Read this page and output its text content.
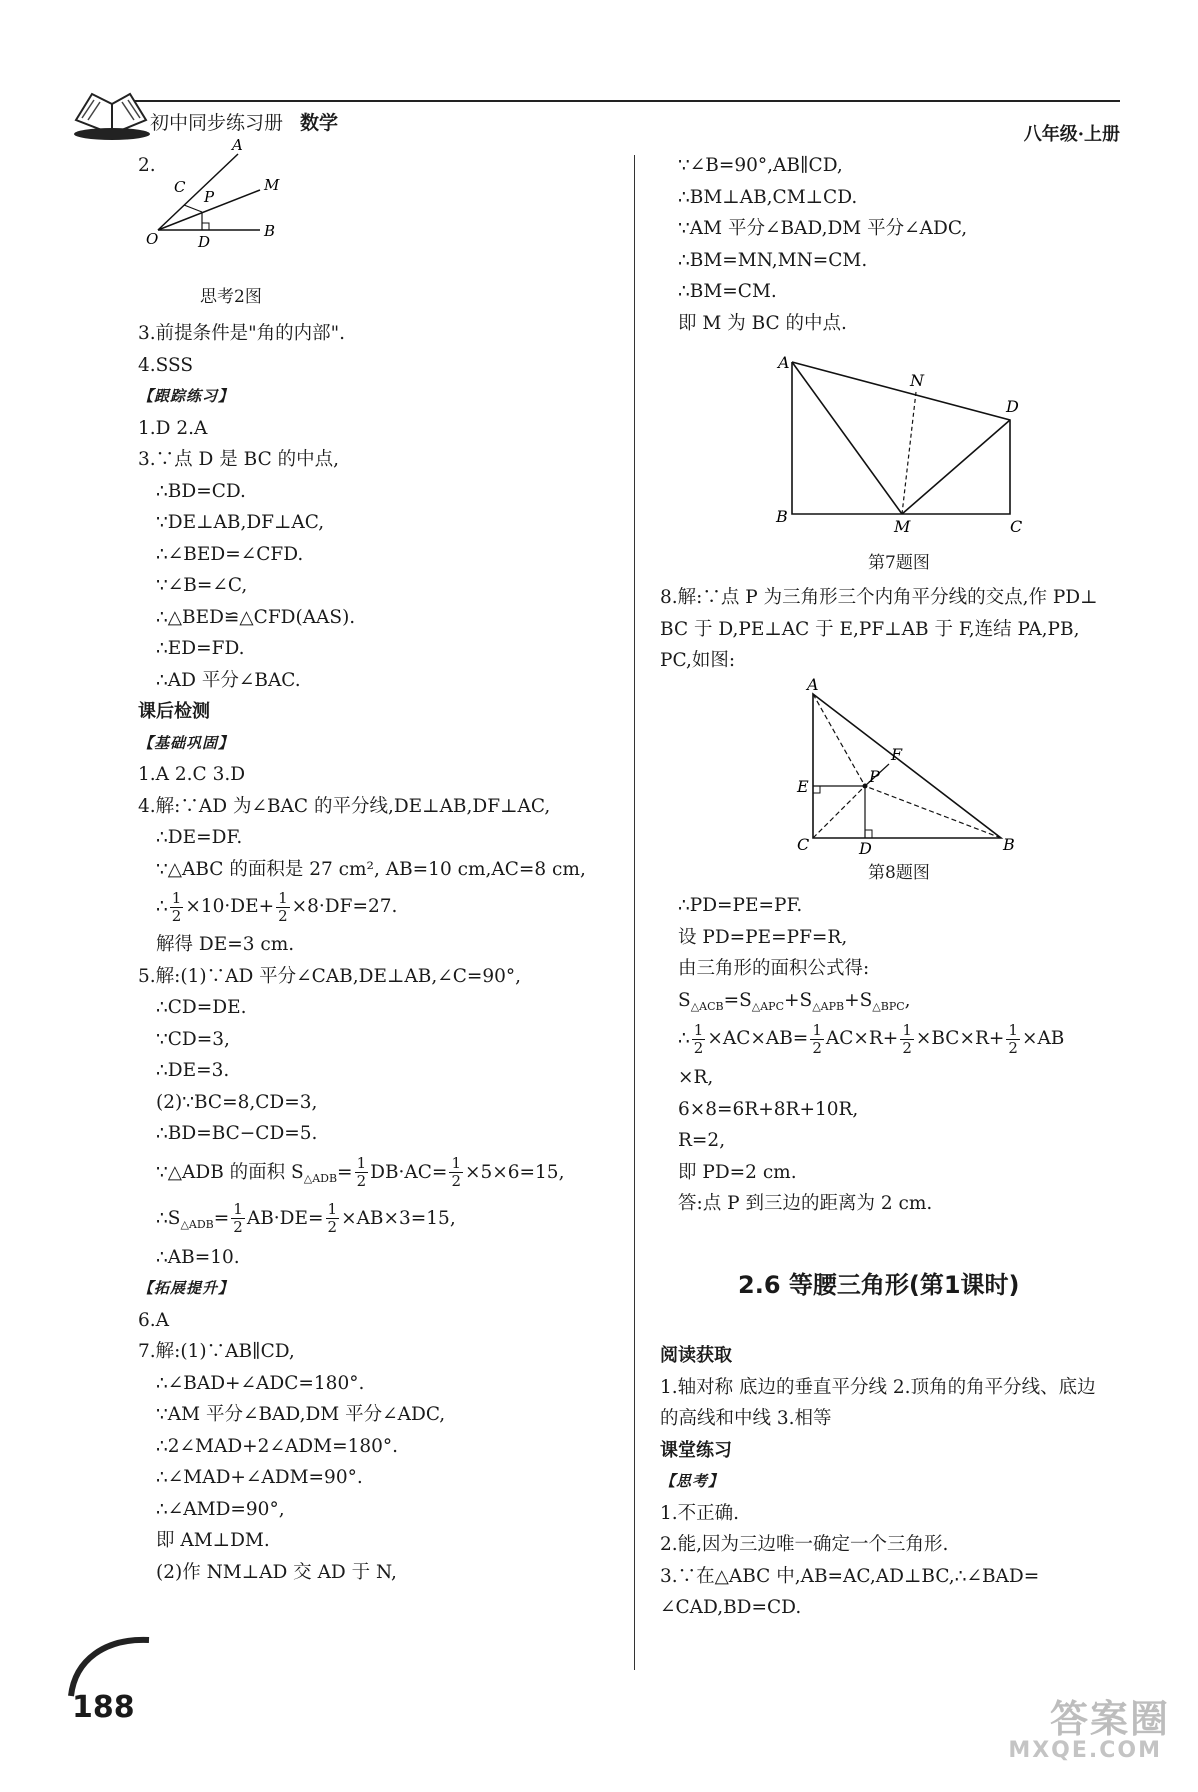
初中同步练习册 数学
八年级·上册
2.
A
M
C
P
O	D
B
思考2图
3.前提条件是"角的内部".
4.SSS
【跟踪练习】
1.D 2.A
3.∵点 D 是 BC 的中点,
∴BD=CD.
∵DE⊥AB,DF⊥AC,
∴∠BED=∠CFD.
∵∠B=∠C,
∴△BED≌△CFD(AAS).
∴ED=FD.
∴AD 平分∠BAC.
课后检测
【基础巩固】
1.A 2.C 3.D
4.解:∵AD 为∠BAC 的平分线,DE⊥AB,DF⊥AC,
∴DE=DF.
∵△ABC 的面积是 27 cm², AB=10 cm,AC=8 cm,
∴ $\frac{1}{2} \times 10\cdot DE+ \frac{1}{2} \times 8\cdot DF=27$.
解得 DE=3 cm.
5.解:(1)∵AD 平分∠CAB,DE⊥AB,∠C=90°,
∴CD=DE.
∵CD=3,
∴DE=3.
(2)∵BC=8,CD=3,
∴BD=BC−CD=5.
∵△ADB 的面积 $S_{\triangle ADB}= \frac{1}{2} DB\cdot AC= \frac{1}{2} \times 5\times 6=15$,
$\therefore S_{\triangle ADB}= \frac{1}{2} AB\cdot DE= \frac{1}{2} \times AB\times 3=15$,
∴AB=10.
【拓展提升】
6.A
7.解:(1)∵AB∥CD,
∴∠BAD+∠ADC=180°.
∵AM 平分∠BAD,DM 平分∠ADC,
∴2∠MAD+2∠ADM=180°.
∴∠MAD+∠ADM=90°.
∴∠AMD=90°,
即 AM⊥DM.
(2)作 NM⊥AD 交 AD 于 N,
∵∠B=90°,AB∥CD,
∴BM⊥AB,CM⊥CD.
∵AM 平分∠BAD,DM 平分∠ADC,
∴BM=MN,MN=CM.
∴BM=CM.
即 M 为 BC 的中点.
A
N
D
B
M	C
第7题图
8.解:∵点 P 为三角形三个内角平分线的交点,作 PD⊥
BC 于 D,PE⊥AC 于 E,PF⊥AB 于 F,连结 PA,PB,
PC,如图:
A
F
E
P
C	D	B
第8题图
∴PD=PE=PF.
设 PD=PE=PF=R,
由三角形的面积公式得:
$S_{\triangle ACB}=S_{\triangle APC}+S_{\triangle APB}+S_{\triangle BPC}$,
∴ $\frac{1}{2} \times AC\times AB= \frac{1}{2} AC\times R+ \frac{1}{2} \times BC\times R+ \frac{1}{2} \times AB$
×R,
6×8=6R+8R+10R,
R=2,
即 PD=2 cm.
答:点 P 到三边的距离为 2 cm.
2.6 等腰三角形(第1课时)
阅读获取
1.轴对称 底边的垂直平分线 2.顶角的角平分线、底边
的高线和中线 3.相等
课堂练习
【思考】
1.不正确.
2.能,因为三边唯一确定一个三角形.
3.∵在△ABC 中,AB=AC,AD⊥BC,∴∠BAD=
∠CAD,BD=CD.
188	答案圈
MXQE.COM
